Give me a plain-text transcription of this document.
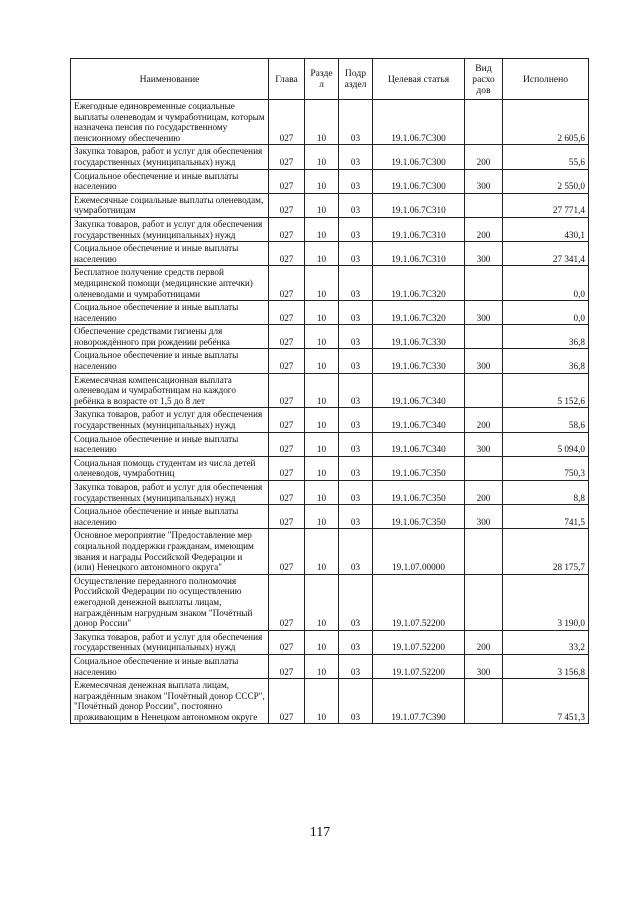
Наименование	Глава	Разде л	Подр аздел	Целевая статья	Вид расхо дов	Исполнено
Ежегодные единовременные социальные выплаты оленеводам и чумработницам, которым назначена пенсия по государственному пенсионному обеспечению	027	10	03	19.1.06.7С300		2 605,6
Закупка товаров, работ и услуг для обеспечения государственных (муниципальных) нужд	027	10	03	19.1.06.7С300	200	55,6
Социальное обеспечение и иные выплаты населению	027	10	03	19.1.06.7С300	300	2 550,0
Ежемесячные социальные выплаты оленеводам, чумработницам	027	10	03	19.1.06.7С310		27 771,4
Закупка товаров, работ и услуг для обеспечения государственных (муниципальных) нужд	027	10	03	19.1.06.7С310	200	430,1
Социальное обеспечение и иные выплаты населению	027	10	03	19.1.06.7С310	300	27 341,4
Бесплатное получение средств первой медицинской помощи (медицинские аптечки) оленеводами и чумработницами	027	10	03	19.1.06.7С320		0,0
Социальное обеспечение и иные выплаты населению	027	10	03	19.1.06.7С320	300	0,0
Обеспечение средствами гигиены для новорождённого при рождении ребёнка	027	10	03	19.1.06.7С330		36,8
Социальное обеспечение и иные выплаты населению	027	10	03	19.1.06.7С330	300	36,8
Ежемесячная компенсационная выплата оленеводам и чумработницам на каждого ребёнка в возрасте от 1,5 до 8 лет	027	10	03	19.1.06.7С340		5 152,6
Закупка товаров, работ и услуг для обеспечения государственных (муниципальных) нужд	027	10	03	19.1.06.7С340	200	58,6
Социальное обеспечение и иные выплаты населению	027	10	03	19.1.06.7С340	300	5 094,0
Социальная помощь студентам из числа детей оленеводов, чумработниц	027	10	03	19.1.06.7С350		750,3
Закупка товаров, работ и услуг для обеспечения государственных (муниципальных) нужд	027	10	03	19.1.06.7С350	200	8,8
Социальное обеспечение и иные выплаты населению	027	10	03	19.1.06.7С350	300	741,5
Основное мероприятие "Предоставление мер социальной поддержки гражданам, имеющим звания и награды Российской Федерации и (или) Ненецкого автономного округа"	027	10	03	19.1.07.00000		28 175,7
Осуществление переданного полномочия Российской Федерации по осуществлению ежегодной денежной выплаты лицам, награждённым нагрудным знаком "Почётный донор России"	027	10	03	19.1.07.52200		3 190,0
Закупка товаров, работ и услуг для обеспечения государственных (муниципальных) нужд	027	10	03	19.1.07.52200	200	33,2
Социальное обеспечение и иные выплаты населению	027	10	03	19.1.07.52200	300	3 156,8
Ежемесячная денежная выплата лицам, награждённым знаком "Почётный донор СССР", "Почётный донор России", постоянно проживающим в Ненецком автономном округе	027	10	03	19.1.07.7С390		7 451,3
117
